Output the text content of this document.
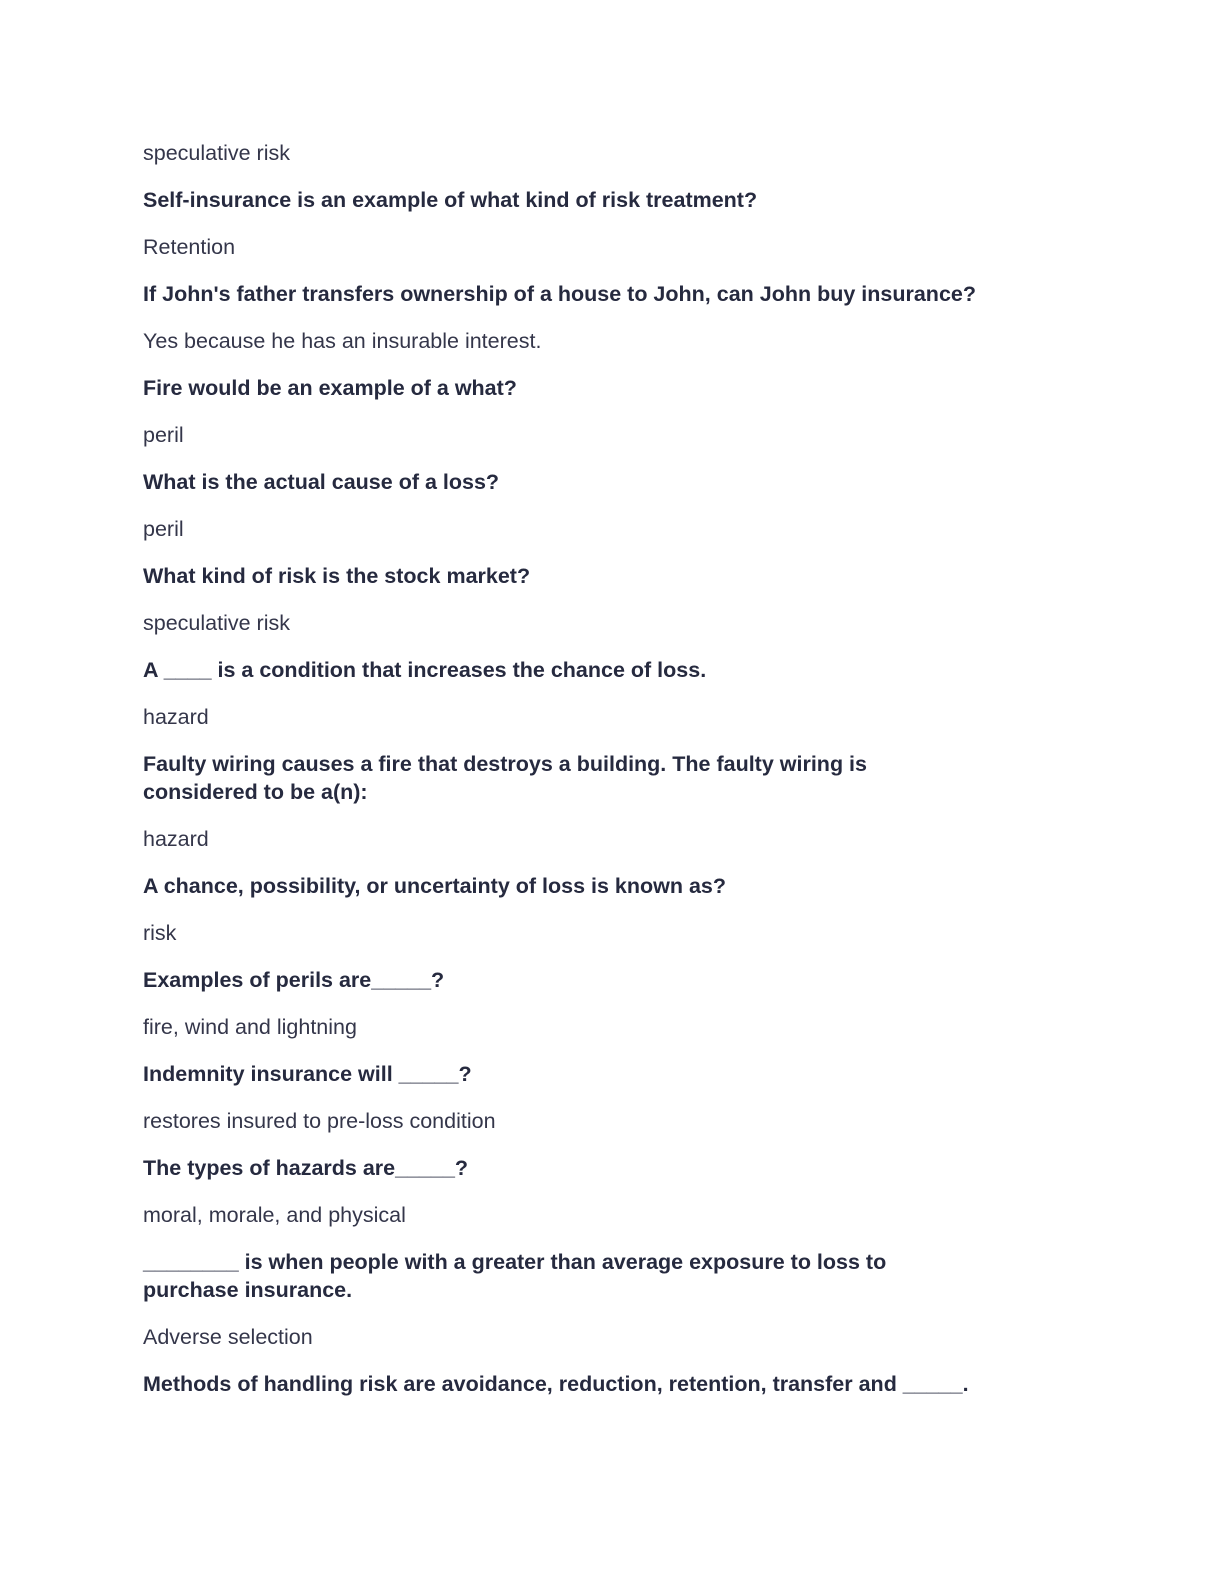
speculative risk

Self-insurance is an example of what kind of risk treatment?

Retention

If John's father transfers ownership of a house to John, can John buy insurance?

Yes because he has an insurable interest.

Fire would be an example of a what?

peril

What is the actual cause of a loss?

peril

What kind of risk is the stock market?

speculative risk

A ____ is a condition that increases the chance of loss.

hazard

Faulty wiring causes a fire that destroys a building. The faulty wiring is considered to be a(n):

hazard

A chance, possibility, or uncertainty of loss is known as?

risk

Examples of perils are_____?

fire, wind and lightning

Indemnity insurance will _____?

restores insured to pre-loss condition

The types of hazards are_____?

moral, morale, and physical

________ is when people with a greater than average exposure to loss to purchase insurance.

Adverse selection

Methods of handling risk are avoidance, reduction, retention, transfer and _____.
